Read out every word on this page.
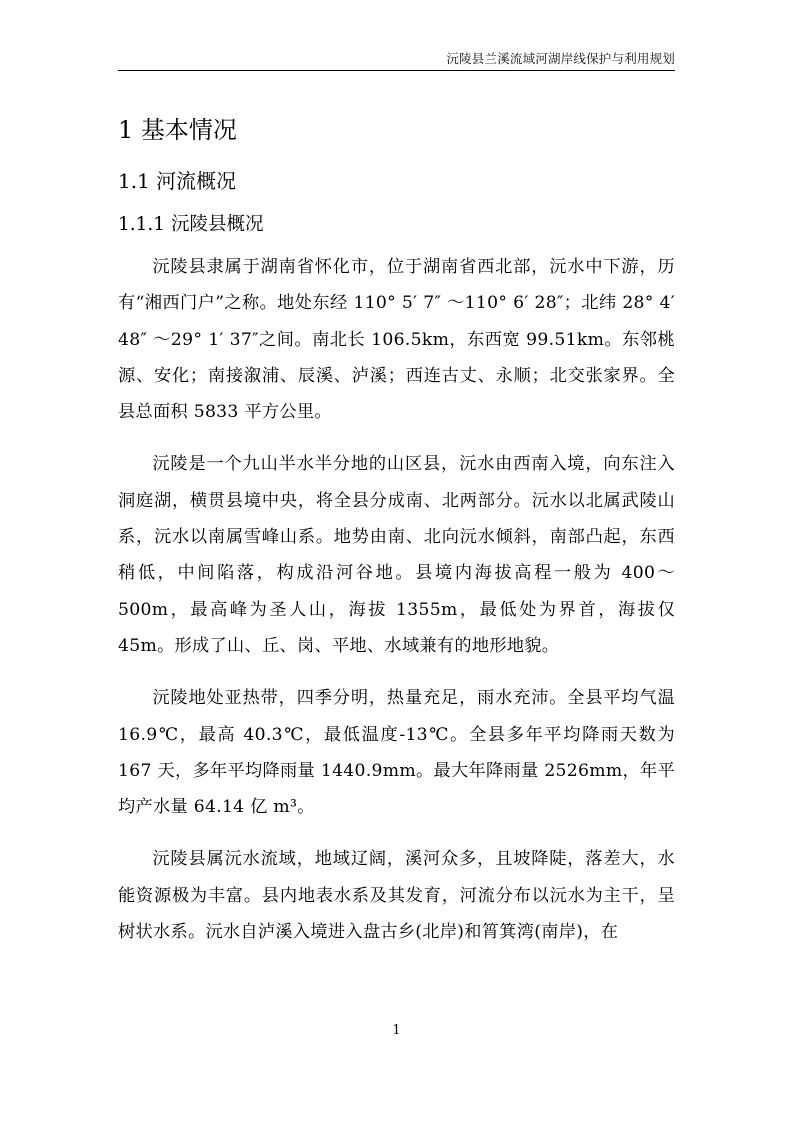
沅陵县兰溪流域河湖岸线保护与利用规划
1 基本情况
1.1 河流概况
1.1.1 沅陵县概况

沅陵县隶属于湖南省怀化市，位于湖南省西北部，沅水中下游，历有“湘西门户”之称。地处东经 110° 5′ 7″ ～110° 6′ 28″；北纬 28° 4′ 48″ ～29° 1′ 37″之间。南北长 106.5km，东西宽 99.51km。东邻桃源、安化；南接溆浦、辰溪、泸溪；西连古丈、永顺；北交张家界。全县总面积 5833 平方公里。

沅陵是一个九山半水半分地的山区县，沅水由西南入境，向东注入洞庭湖，横贯县境中央，将全县分成南、北两部分。沅水以北属武陵山系，沅水以南属雪峰山系。地势由南、北向沅水倾斜，南部凸起，东西稍低，中间陷落，构成沿河谷地。县境内海拔高程一般为 400～500m，最高峰为圣人山，海拔 1355m，最低处为界首，海拔仅 45m。形成了山、丘、岗、平地、水域兼有的地形地貌。

沅陵地处亚热带，四季分明，热量充足，雨水充沛。全县平均气温 16.9℃，最高 40.3℃，最低温度-13℃。全县多年平均降雨天数为 167 天，多年平均降雨量 1440.9mm。最大年降雨量 2526mm，年平均产水量 64.14 亿 m³。

沅陵县属沅水流域，地域辽阔，溪河众多，且坡降陡，落差大，水能资源极为丰富。县内地表水系及其发育，河流分布以沅水为主干，呈树状水系。沅水自泸溪入境进入盘古乡(北岸)和筲箕湾(南岸)，在

1
